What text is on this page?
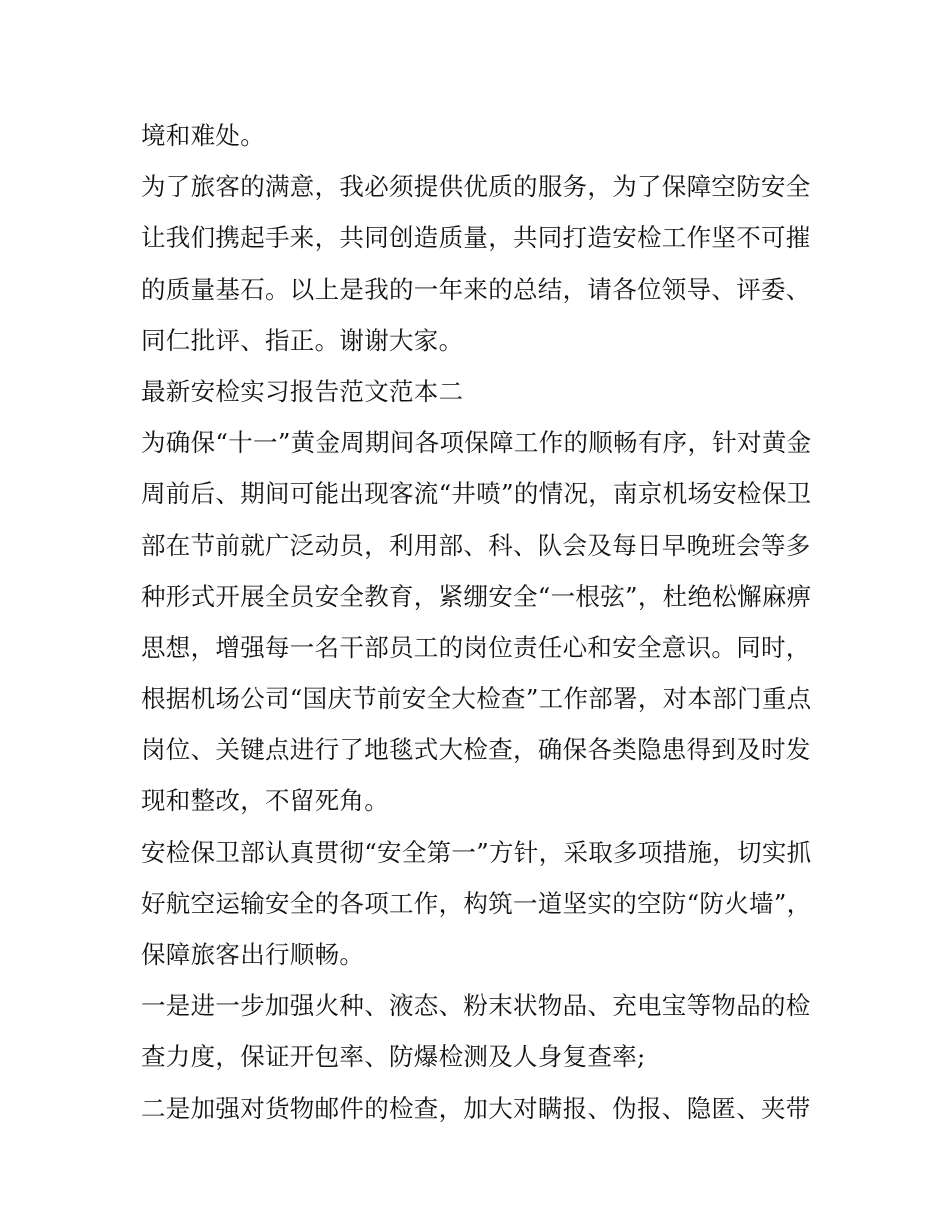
境和难处。
为了旅客的满意，我必须提供优质的服务，为了保障空防安全
让我们携起手来，共同创造质量，共同打造安检工作坚不可摧
的质量基石。以上是我的一年来的总结，请各位领导、评委、
同仁批评、指正。谢谢大家。
最新安检实习报告范文范本二
为确保“十一”黄金周期间各项保障工作的顺畅有序，针对黄金
周前后、期间可能出现客流“井喷”的情况，南京机场安检保卫
部在节前就广泛动员，利用部、科、队会及每日早晚班会等多
种形式开展全员安全教育，紧绷安全“一根弦”，杜绝松懈麻痹
思想，增强每一名干部员工的岗位责任心和安全意识。同时，
根据机场公司“国庆节前安全大检查”工作部署，对本部门重点
岗位、关键点进行了地毯式大检查，确保各类隐患得到及时发
现和整改，不留死角。
安检保卫部认真贯彻“安全第一”方针，采取多项措施，切实抓
好航空运输安全的各项工作，构筑一道坚实的空防“防火墙”，
保障旅客出行顺畅。
一是进一步加强火种、液态、粉末状物品、充电宝等物品的检
查力度，保证开包率、防爆检测及人身复查率;
二是加强对货物邮件的检查，加大对瞒报、伪报、隐匿、夹带
